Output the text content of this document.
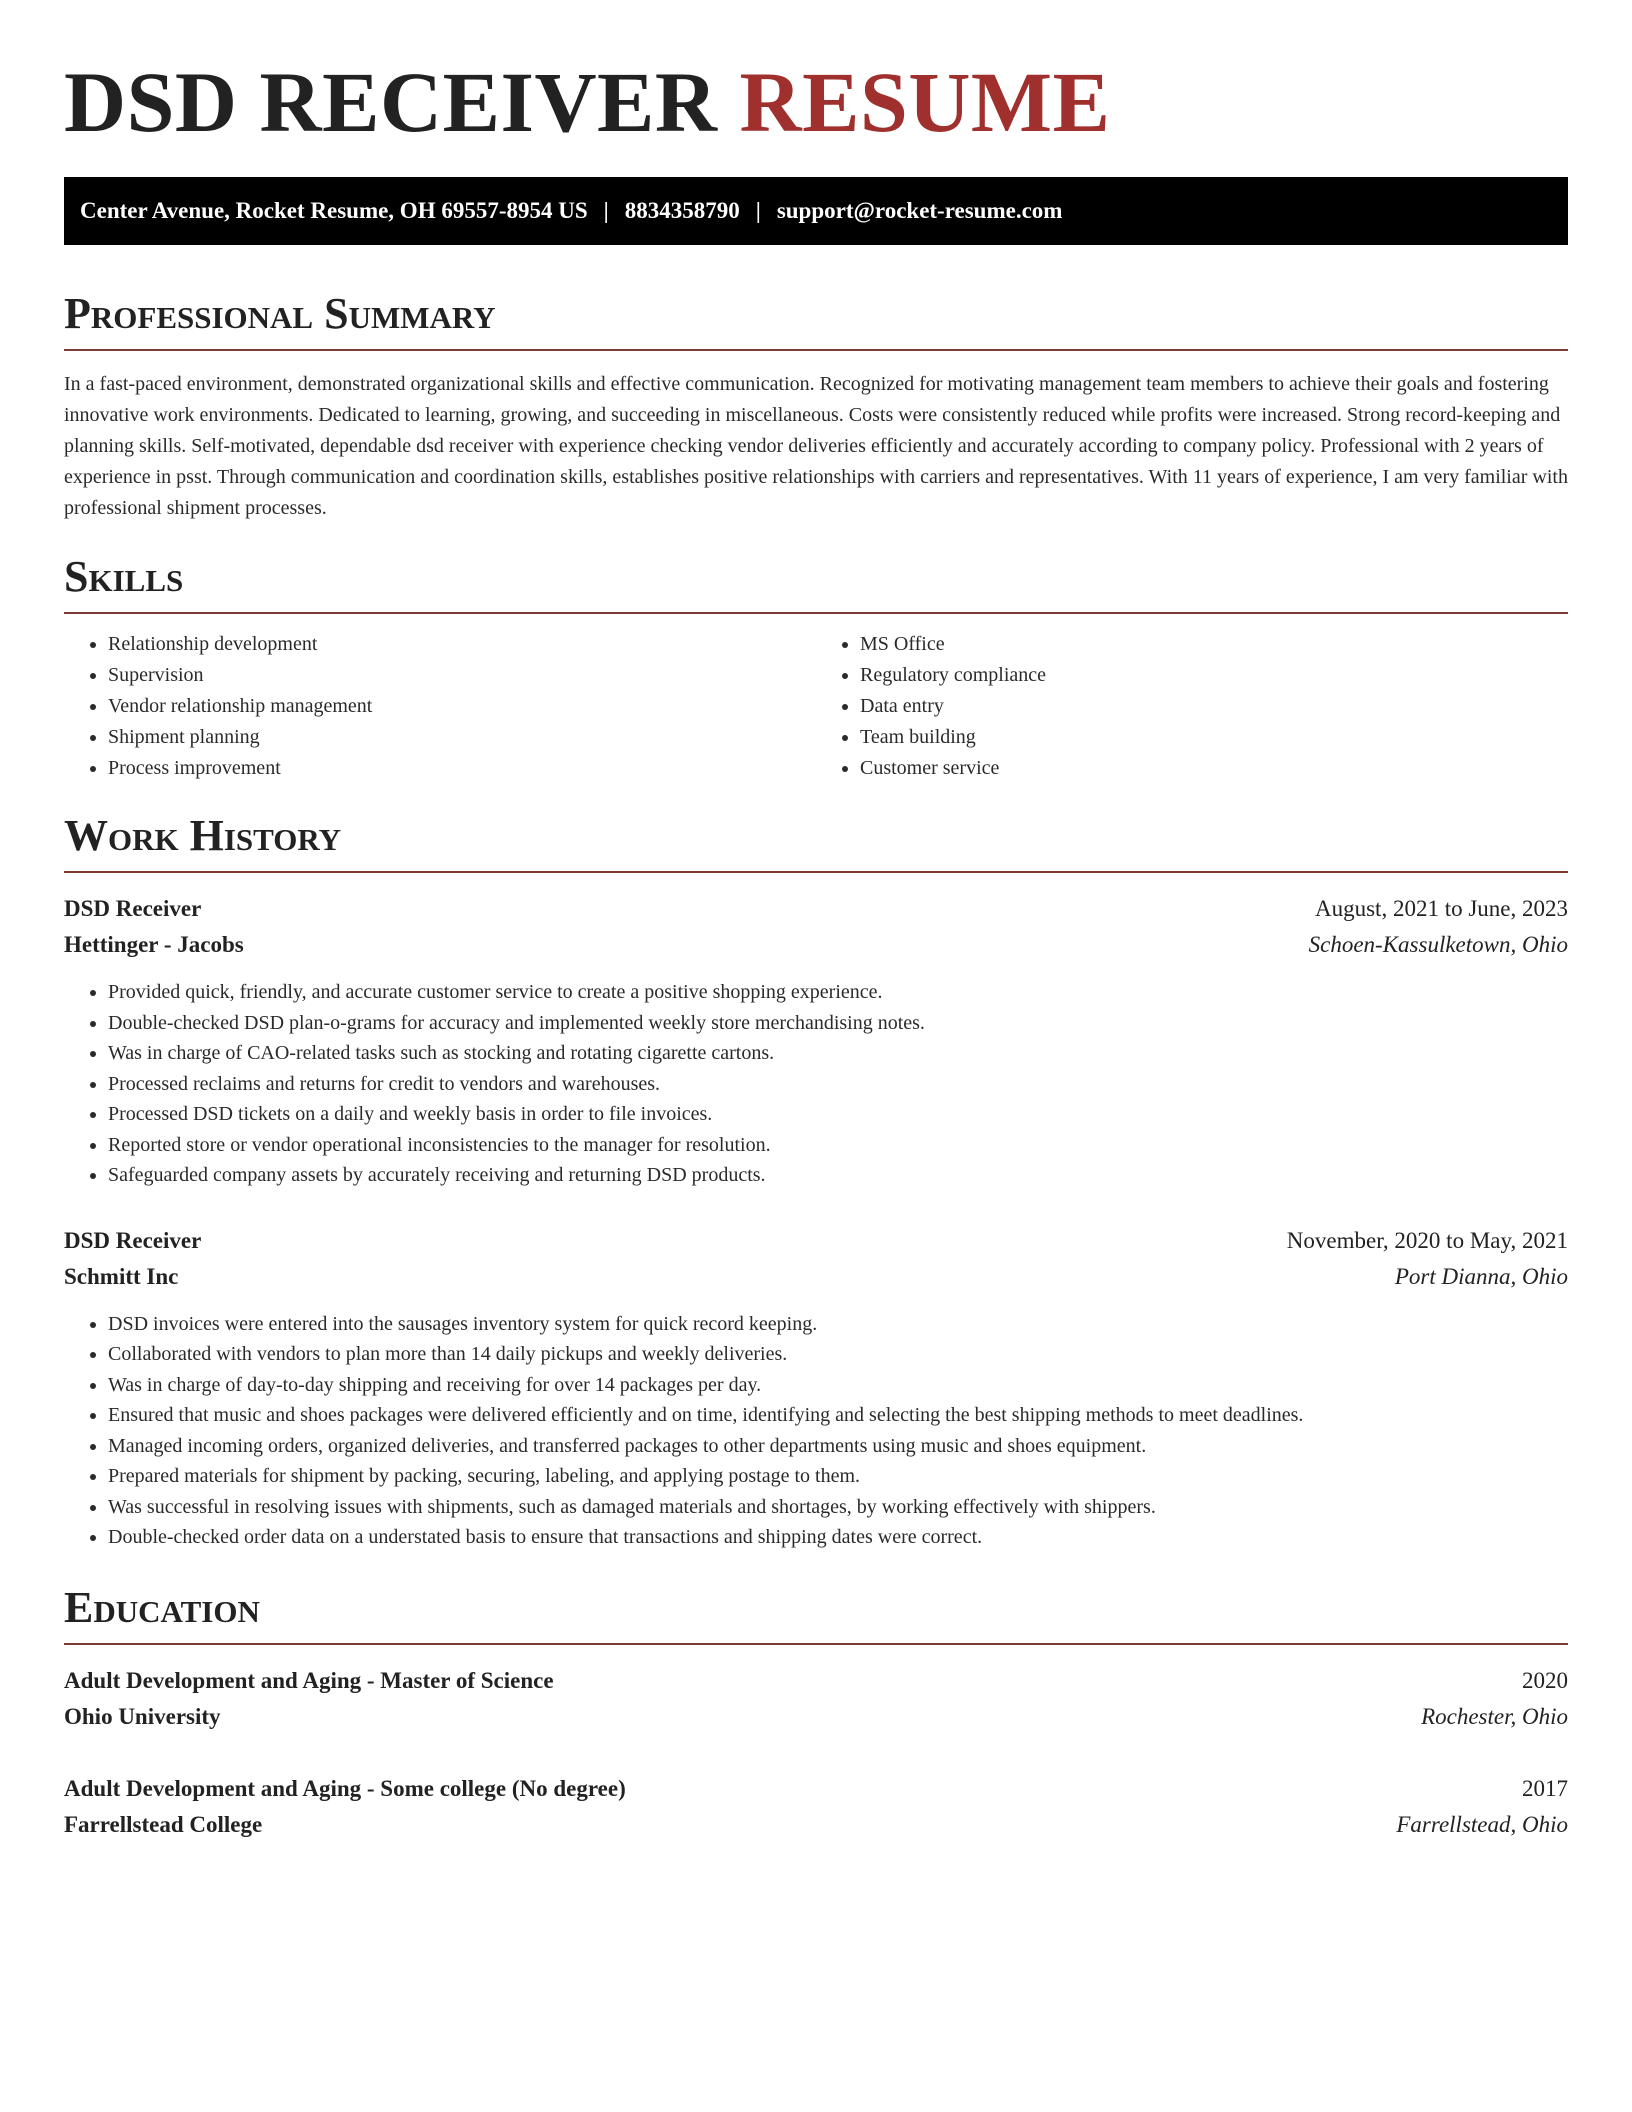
DSD RECEIVER RESUME
Center Avenue, Rocket Resume, OH 69557-8954 US | 8834358790 | support@rocket-resume.com
Professional Summary

In a fast-paced environment, demonstrated organizational skills and effective communication. Recognized for motivating management team members to achieve their goals and fostering innovative work environments. Dedicated to learning, growing, and succeeding in miscellaneous. Costs were consistently reduced while profits were increased. Strong record-keeping and planning skills. Self-motivated, dependable dsd receiver with experience checking vendor deliveries efficiently and accurately according to company policy. Professional with 2 years of experience in psst. Through communication and coordination skills, establishes positive relationships with carriers and representatives. With 11 years of experience, I am very familiar with professional shipment processes.

Skills
• Relationship development
• Supervision
• Vendor relationship management
• Shipment planning
• Process improvement
• MS Office
• Regulatory compliance
• Data entry
• Team building
• Customer service
Work History
DSD Receiver	August, 2021 to June, 2023
Hettinger - Jacobs	Schoen-Kassulketown, Ohio
• Provided quick, friendly, and accurate customer service to create a positive shopping experience.
• Double-checked DSD plan-o-grams for accuracy and implemented weekly store merchandising notes.
• Was in charge of CAO-related tasks such as stocking and rotating cigarette cartons.
• Processed reclaims and returns for credit to vendors and warehouses.
• Processed DSD tickets on a daily and weekly basis in order to file invoices.
• Reported store or vendor operational inconsistencies to the manager for resolution.
• Safeguarded company assets by accurately receiving and returning DSD products.
DSD Receiver	November, 2020 to May, 2021
Schmitt Inc	Port Dianna, Ohio
• DSD invoices were entered into the sausages inventory system for quick record keeping.
• Collaborated with vendors to plan more than 14 daily pickups and weekly deliveries.
• Was in charge of day-to-day shipping and receiving for over 14 packages per day.
• Ensured that music and shoes packages were delivered efficiently and on time, identifying and selecting the best shipping methods to meet deadlines.
• Managed incoming orders, organized deliveries, and transferred packages to other departments using music and shoes equipment.
• Prepared materials for shipment by packing, securing, labeling, and applying postage to them.
• Was successful in resolving issues with shipments, such as damaged materials and shortages, by working effectively with shippers.
• Double-checked order data on a understated basis to ensure that transactions and shipping dates were correct.
Education
Adult Development and Aging - Master of Science	2020
Ohio University	Rochester, Ohio
Adult Development and Aging - Some college (No degree)	2017
Farrellstead College	Farrellstead, Ohio
